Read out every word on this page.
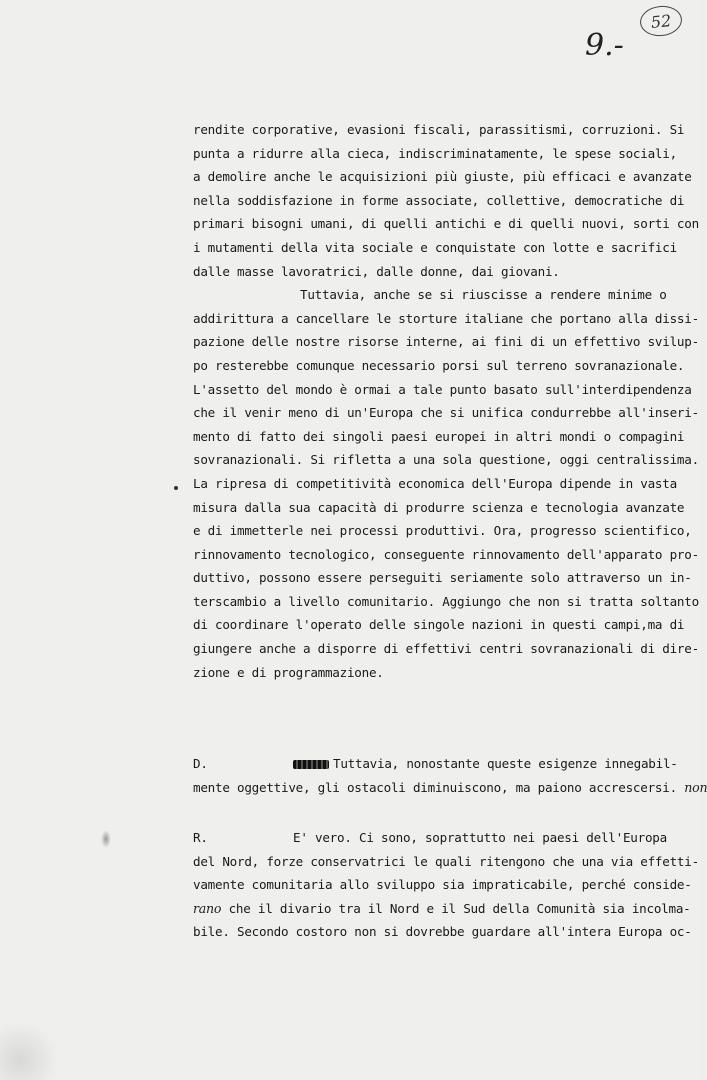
52
9.-
rendite corporative, evasioni fiscali, parassitismi, corruzioni. Si
punta a ridurre alla cieca, indiscriminatamente, le spese sociali,
a demolire anche le acquisizioni più giuste, più efficaci e avanzate
nella soddisfazione in forme associate, collettive, democratiche di
primari bisogni umani, di quelli antichi e di quelli nuovi, sorti con
i mutamenti della vita sociale e conquistate con lotte e sacrifici
dalle masse lavoratrici, dalle donne, dai giovani.
Tuttavia, anche se si riuscisse a rendere minime o
addirittura a cancellare le storture italiane che portano alla dissi-
pazione delle nostre risorse interne, ai fini di un effettivo svilup-
po resterebbe comunque necessario porsi sul terreno sovranazionale.
L'assetto del mondo è ormai a tale punto basato sull'interdipendenza
che il venir meno di un'Europa che si unifica condurrebbe all'inseri-
mento di fatto dei singoli paesi europei in altri mondi o compagini
sovranazionali. Si rifletta a una sola questione, oggi centralissima.
La ripresa di competitività economica dell'Europa dipende in vasta
misura dalla sua capacità di produrre scienza e tecnologia avanzate
e di immetterle nei processi produttivi. Ora, progresso scientifico,
rinnovamento tecnologico, conseguente rinnovamento dell'apparato pro-
duttivo, possono essere perseguiti seriamente solo attraverso un in-
terscambio a livello comunitario. Aggiungo che non si tratta soltanto
di coordinare l'operato delle singole nazioni in questi campi,ma di
giungere anche a disporre di effettivi centri sovranazionali di dire-
zione e di programmazione.
D.	Tuttavia, nonostante queste esigenze innegabil-
mente oggettive, gli ostacoli diminuiscono, ma paiono accrescersi. non
R.	E' vero. Ci sono, soprattutto nei paesi dell'Europa
del Nord, forze conservatrici le quali ritengono che una via effetti-
vamente comunitaria allo sviluppo sia impraticabile, perché conside-
rano che il divario tra il Nord e il Sud della Comunità sia incolma-
bile. Secondo costoro non si dovrebbe guardare all'intera Europa oc-
